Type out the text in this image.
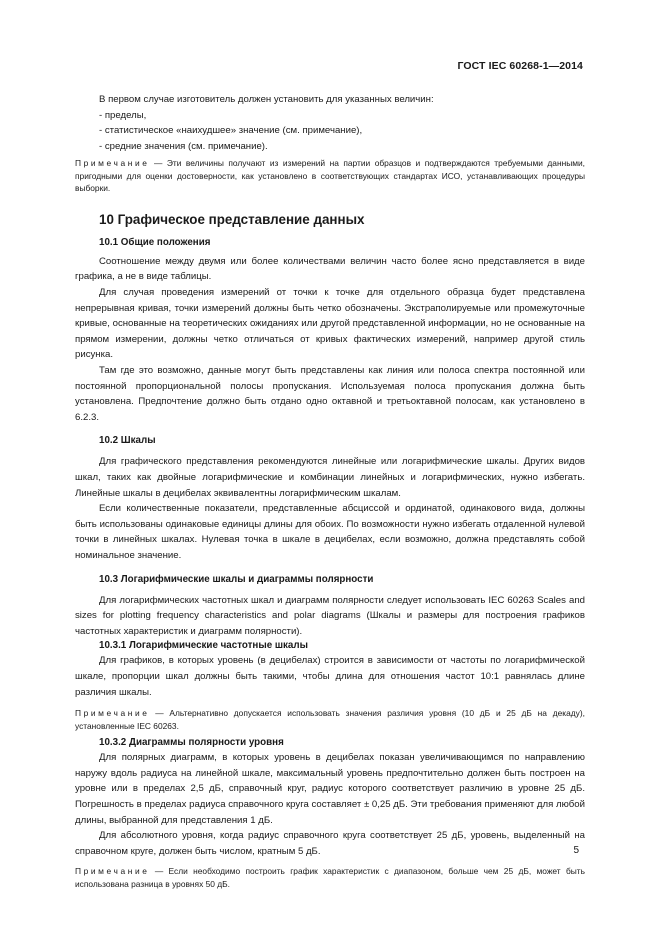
ГОСТ IEC 60268-1—2014

В первом случае изготовитель должен установить для указанных величин:

- пределы,

- статистическое «наихудшее» значение (см. примечание),

- средние значения (см. примечание).

Примечание — Эти величины получают из измерений на партии образцов и подтверждаются требуемыми данными, пригодными для оценки достоверности, как установлено в соответствующих стандартах ИСО, устанавливающих процедуры выборки.

10 Графическое представление данных
10.1 Общие положения

Соотношение между двумя или более количествами величин часто более ясно представляется в виде графика, а не в виде таблицы.

Для случая проведения измерений от точки к точке для отдельного образца будет представлена непрерывная кривая, точки измерений должны быть четко обозначены. Экстраполируемые или промежуточные кривые, основанные на теоретических ожиданиях или другой представленной информации, но не основанные на прямом измерении, должны четко отличаться от кривых фактических измерений, например другой стиль рисунка.

Там где это возможно, данные могут быть представлены как линия или полоса спектра постоянной или постоянной пропорциональной полосы пропускания. Используемая полоса пропускания должна быть установлена. Предпочтение должно быть отдано одно октавной и третьоктавной полосам, как установлено в 6.2.3.

10.2 Шкалы

Для графического представления рекомендуются линейные или логарифмические шкалы. Других видов шкал, таких как двойные логарифмические и комбинации линейных и логарифмических, нужно избегать. Линейные шкалы в децибелах эквивалентны логарифмическим шкалам.

Если количественные показатели, представленные абсциссой и ординатой, одинакового вида, должны быть использованы одинаковые единицы длины для обоих. По возможности нужно избегать отдаленной нулевой точки в линейных шкалах. Нулевая точка в шкале в децибелах, если возможно, должна представлять собой номинальное значение.

10.3 Логарифмические шкалы и диаграммы полярности

Для логарифмических частотных шкал и диаграмм полярности следует использовать IEC 60263 Scales and sizes for plotting frequency characteristics and polar diagrams (Шкалы и размеры для построения графиков частотных характеристик и диаграмм полярности).

10.3.1 Логарифмические частотные шкалы

Для графиков, в которых уровень (в децибелах) строится в зависимости от частоты по логарифмической шкале, пропорции шкал должны быть такими, чтобы длина для отношения частот 10:1 равнялась длине различия шкалы.

Примечание — Альтернативно допускается использовать значения различия уровня (10 дБ и 25 дБ на декаду), установленные IEC 60263.

10.3.2 Диаграммы полярности уровня

Для полярных диаграмм, в которых уровень в децибелах показан увеличивающимся по направлению наружу вдоль радиуса на линейной шкале, максимальный уровень предпочтительно должен быть построен на уровне или в пределах 2,5 дБ, справочный круг, радиус которого соответствует различию в уровне 25 дБ. Погрешность в пределах радиуса справочного круга составляет ± 0,25 дБ. Эти требования применяют для любой длины, выбранной для представления 1 дБ.

Для абсолютного уровня, когда радиус справочного круга соответствует 25 дБ, уровень, выделенный на справочном круге, должен быть числом, кратным 5 дБ.

Примечание — Если необходимо построить график характеристик с диапазоном, больше чем 25 дБ, может быть использована разница в уровнях 50 дБ.

5
